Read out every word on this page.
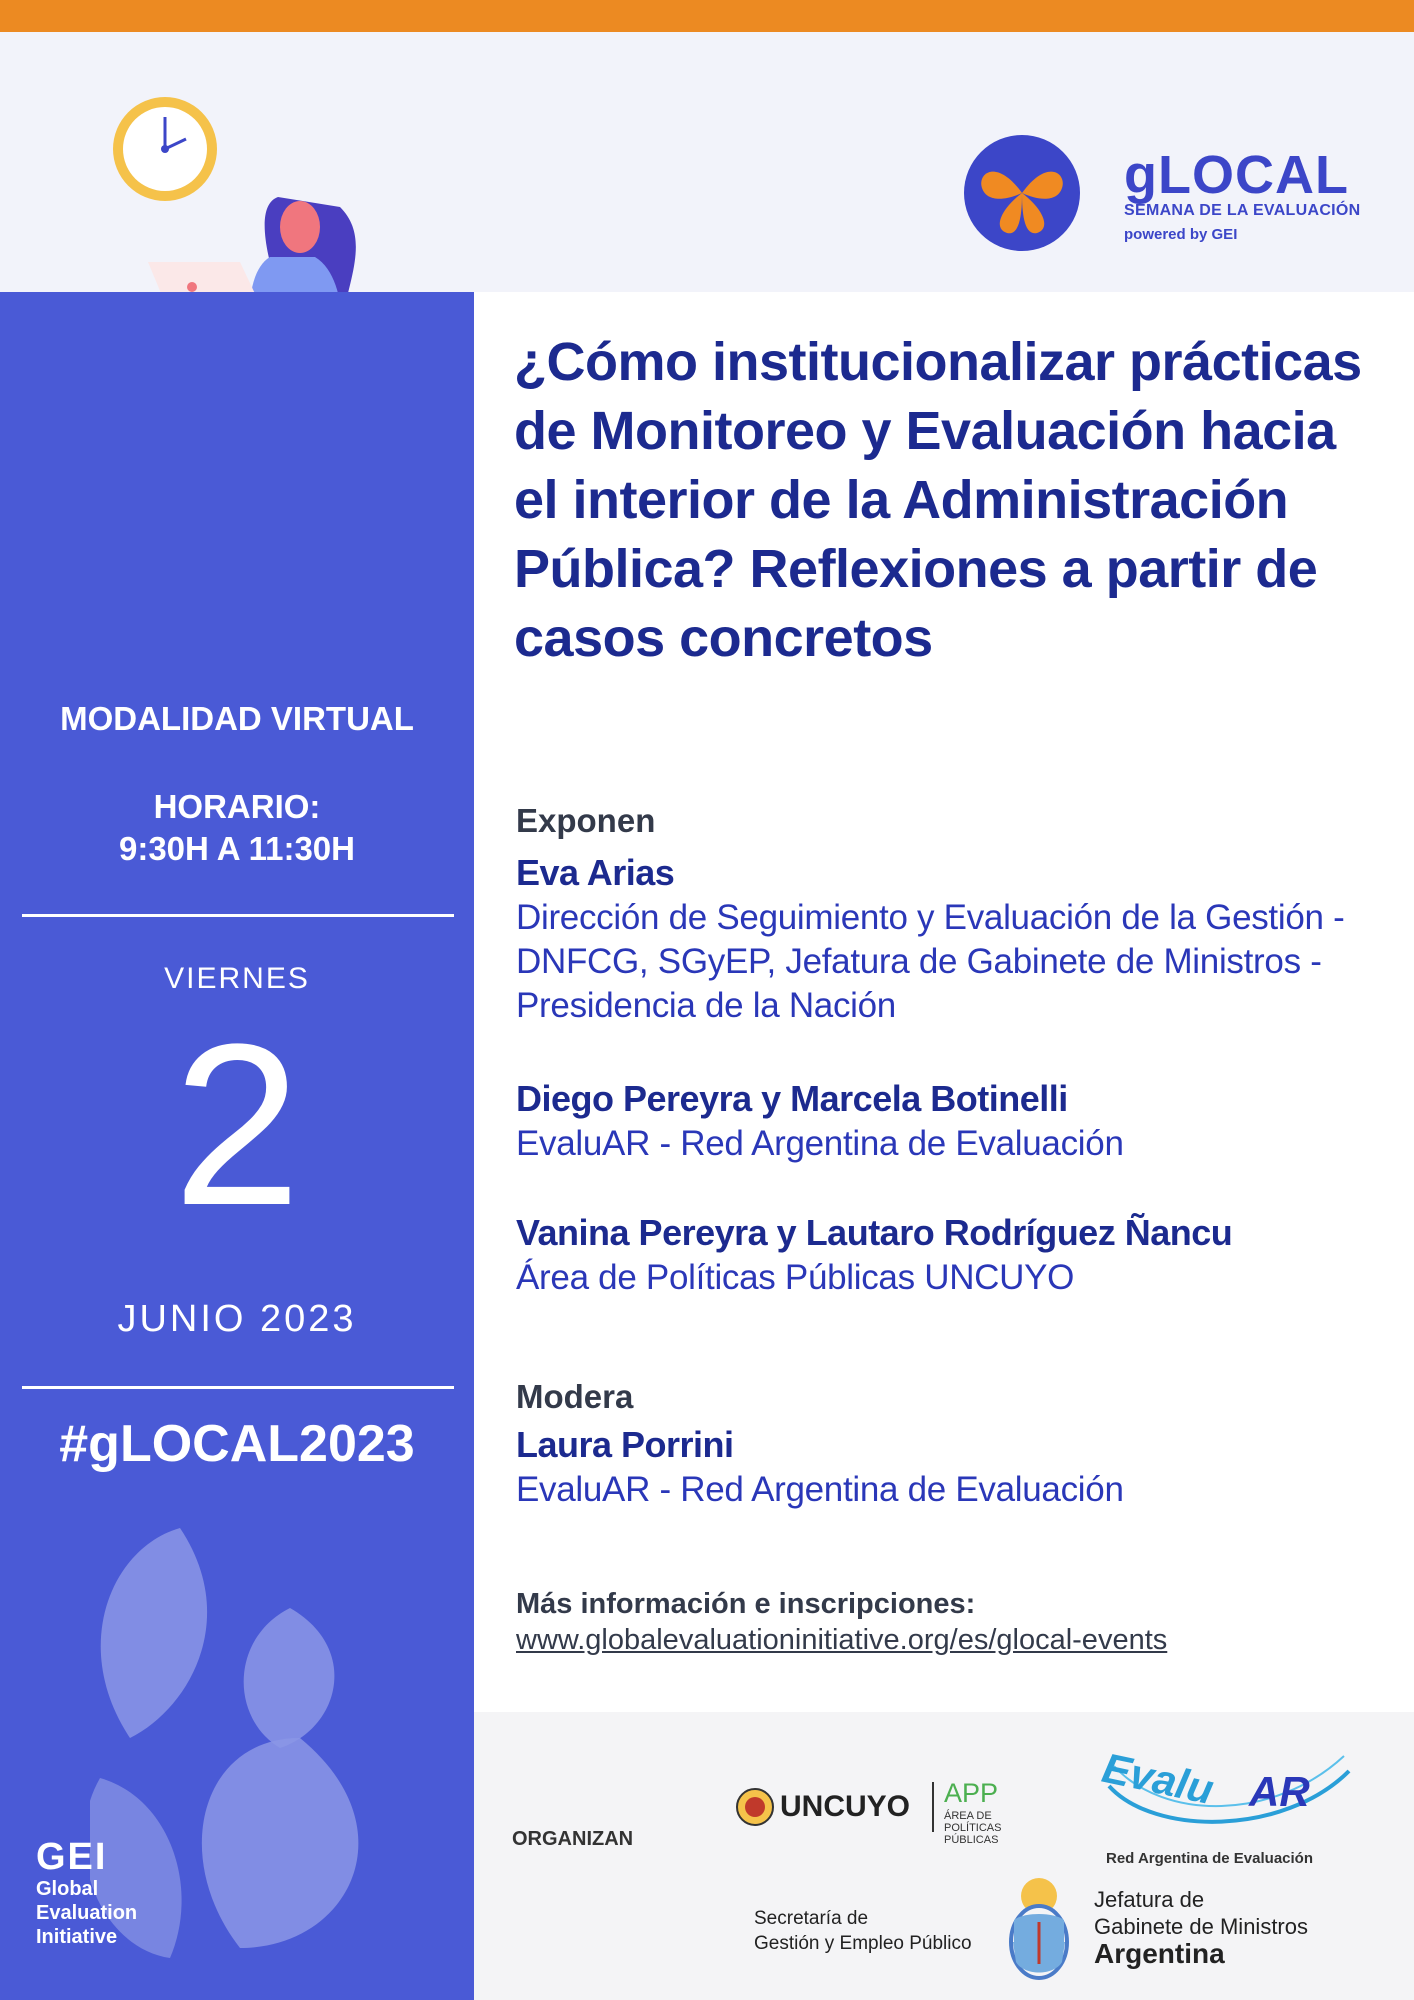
gLOCAL
SEMANA DE LA EVALUACIÓN
powered by GEI
MODALIDAD VIRTUAL
HORARIO:
9:30H A 11:30H
VIERNES
2
JUNIO 2023
#gLOCAL2023
GEI
Global
Evaluation
Initiative
¿Cómo institucionalizar prácticas de Monitoreo y Evaluación hacia el interior de la Administración Pública? Reflexiones a partir de casos concretos
Exponen
Eva Arias
Dirección de Seguimiento y Evaluación de la Gestión - DNFCG, SGyEP, Jefatura de Gabinete de Ministros - Presidencia de la Nación
Diego Pereyra y Marcela Botinelli
EvaluAR - Red Argentina de Evaluación
Vanina Pereyra y Lautaro Rodríguez Ñancu
Área de Políticas Públicas UNCUYO
Modera
Laura Porrini
EvaluAR - Red Argentina de Evaluación
Más información e inscripciones:
www.globalevaluationinitiative.org/es/glocal-events
ORGANIZAN
UNCUYO APP
ÁREA DE POLÍTICAS
PÚBLICAS
Evalu AR
Red Argentina de Evaluación
Secretaría de
Gestión y Empleo Público
Jefatura de
Gabinete de Ministros
Argentina
